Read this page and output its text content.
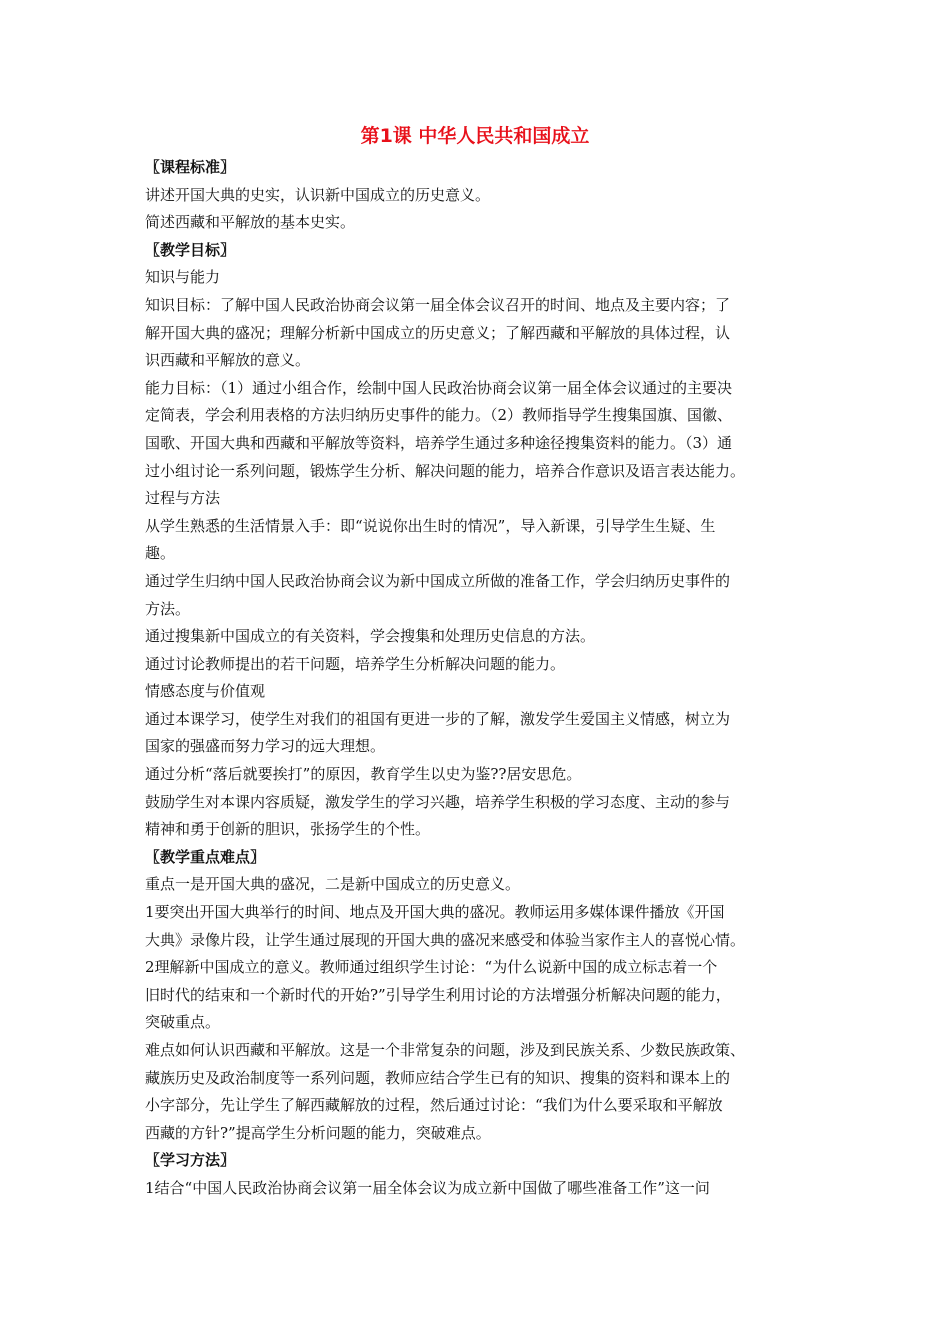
第1课 中华人民共和国成立

〖课程标准〗

讲述开国大典的史实，认识新中国成立的历史意义。

简述西藏和平解放的基本史实。

〖教学目标〗

知识与能力

知识目标：了解中国人民政治协商会议第一届全体会议召开的时间、地点及主要内容；了

解开国大典的盛况；理解分析新中国成立的历史意义；了解西藏和平解放的具体过程，认

识西藏和平解放的意义。

能力目标：（1）通过小组合作，绘制中国人民政治协商会议第一届全体会议通过的主要决

定简表，学会利用表格的方法归纳历史事件的能力。（2）教师指导学生搜集国旗、国徽、

国歌、开国大典和西藏和平解放等资料，培养学生通过多种途径搜集资料的能力。（3）通

过小组讨论一系列问题，锻炼学生分析、解决问题的能力，培养合作意识及语言表达能力。

过程与方法

从学生熟悉的生活情景入手：即“说说你出生时的情况”，导入新课，引导学生生疑、生

趣。

通过学生归纳中国人民政治协商会议为新中国成立所做的准备工作，学会归纳历史事件的

方法。

通过搜集新中国成立的有关资料，学会搜集和处理历史信息的方法。

通过讨论教师提出的若干问题，培养学生分析解决问题的能力。

情感态度与价值观

通过本课学习，使学生对我们的祖国有更进一步的了解，激发学生爱国主义情感，树立为

国家的强盛而努力学习的远大理想。

通过分析“落后就要挨打”的原因，教育学生以史为鉴??居安思危。

鼓励学生对本课内容质疑，激发学生的学习兴趣，培养学生积极的学习态度、主动的参与

精神和勇于创新的胆识，张扬学生的个性。

〖教学重点难点〗

重点一是开国大典的盛况，二是新中国成立的历史意义。

1要突出开国大典举行的时间、地点及开国大典的盛况。教师运用多媒体课件播放《开国

大典》录像片段，让学生通过展现的开国大典的盛况来感受和体验当家作主人的喜悦心情。

2理解新中国成立的意义。教师通过组织学生讨论：“为什么说新中国的成立标志着一个

旧时代的结束和一个新时代的开始?”引导学生利用讨论的方法增强分析解决问题的能力，

突破重点。

难点如何认识西藏和平解放。这是一个非常复杂的问题，涉及到民族关系、少数民族政策、

藏族历史及政治制度等一系列问题，教师应结合学生已有的知识、搜集的资料和课本上的

小字部分，先让学生了解西藏解放的过程，然后通过讨论：“我们为什么要采取和平解放

西藏的方针?”提高学生分析问题的能力，突破难点。

〖学习方法〗

1结合“中国人民政治协商会议第一届全体会议为成立新中国做了哪些准备工作”这一问
